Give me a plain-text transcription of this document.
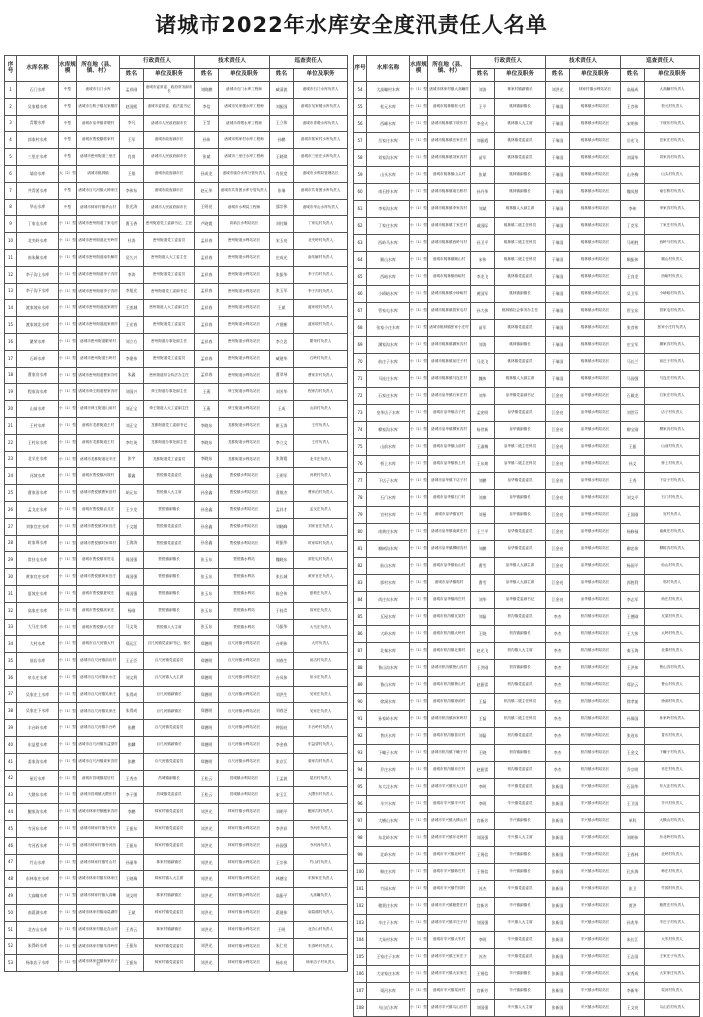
诸城市2022年水库安全度汛责任人名单
序号	水库名称	水库规模	所在地（县、镇、村）	行政责任人		技术责任人		巡查责任人	
				姓名	单位及职务	姓名	单位及职务	姓名	单位及职务
1	石门水库	中型	诸城市石门水库	孟祥刚	诸城市委常委、政府常务副市长	刘晓鹏	诸城市石门水库工程师	臧清波	诸城市石门水库负责人
2	吴家楼水库	中型	诸城市石桥子镇吴家楼村	赵国熙	诸城市委常委、政法委书记	李信	诸城市吴家楼水库工程师	刘振国	诸城市吴家楼水库负责人
3	青墩水库	中型	诸城市皇华镇青墩村	李凡	诸城市人民政府副市长	王莹	诸城市青墩水库工程师	王立伟	诸城市青墩水库负责人
4	郭家村水库	中型	诸城市贾悦镇郭家村	王军	诸城市政府副市长	孙伟	诸城市郭家村水库工程师	孙鹏	诸城市郭家村水库负责人
5	三里庄水库	中型	诸城市密州街道三里庄	肖岗	诸城市人民政府副市长	张斌	诸城市三里庄水库工程师	王晓琪	诸城市三里庄水库负责人
6	墙夼水库	大（2）型	诸城市桃林镇	王翔	诸城市政府副市长	孙成龙	诸城市墙夼水库分管负责人	肖恒宽	诸城市水利局管理站长
7	共青团水库	中型	诸城市百尺河镇大韩家庄	李伟东	诸城市政府副市长	赵元华	诸城市共青团水库分管负责人	张瑞	诸城市共青团水库负责人
8	华山水库	中型	诸城市林家村镇华山村	张光涛	诸城市人民政府副市长	王明亮	诸城市水利局工程师	邵宗伟	诸城市华山水库负责人
9	丁家屯水库	小（1）型	诸城市密州街道丁家屯村	曹玉香	密州街道党工委副书记、主任	卢晓霞	高新区水利站站长	刘付顺	丁家屯村负责人
10	北夹岭水库	小（1）型	诸城市密州街道北夹岭村	杜涛	密州街道党工委委员	孟祥春	密州街道水利站站长	宋玉亮	北夹岭村负责人
11	南朱解水库	小（1）型	诸城市密州街道南朱解村	吴久兴	密州街道人大工委主任	孟祥春	密州街道水利站站长	庄成光	南朱解村负责人
12	李子沟上水库	小（1）型	诸城市密州街道李子沟村	李涛	密州街道党工委委员	孟祥春	密州街道水利站站长	张振华	李子沟村负责人
13	李子沟下水库	小（1）型	诸城市密州街道李子沟村	李旭光	密州街道党工委副书记	孟祥春	密州街道水利站站长	张玉军	李子沟村负责人
14	渡家坡东水库	小（1）型	诸城市密州街道渡家坡村	王凯城	密州街道人大工委副主任	孟祥春	密州街道水利站站长	王斌	渡家坡村负责人
15	渡家坡北水库	小（1）型	诸城市密州街道渡家坡村	王宏春	密州街道党工委委员	孟祥春	密州街道水利站站长	卢建彬	渡家坡村负责人
16	繁荣水库	小（1）型	诸城市密州街道繁荣村	刘立方	密州街道办事处副主任	孟祥春	密州街道水利站站长	李立忠	繁荣村负责人
17	石岭水库	小（1）型	诸城市密州街道石岭村	李建伟	密州街道党工委委员	孟祥春	密州街道水利站站长	臧建华	石岭村负责人
18	曹家夼水库	小（1）型	诸城市密州街道曹家夼村	朱鑫	密州街道综合执法办主任	孟祥春	密州街道水利站站长	曹翠琴	曹家夼村负责人
19	程家沟水库	小（1）型	诸城市舜王街道程家沟村	刘国兴	舜王街道办事处副主任	王燕	舜王街道水利站站长	刘芳华	程家沟村负责人
20	山前水库	小（1）型	诸城市舜王街道山前村	刘正宝	舜王街道人大工委副主任	王燕	舜王街道水利站站长	王成	山前村负责人
21	王村水库	小（1）型	诸城市龙都街道王村	刘正宝	龙都街道党工委副书记	李晓东	龙都街道水利站站长	崔玉涛	王村负责人
22	王村东水库	小（1）型	诸城市龙都街道王村	李红英	龙都街道办事处副主任	李晓东	龙都街道水利站站长	李立文	王村负责人
23	北辛庄水库	小（1）型	诸城市龙都街道北辛庄	张宇	龙都街道党工委委员	李晓东	龙都街道水利站站长	张海霞	北辛庄负责人
24	河坡水库	小（1）型	诸城市贾悦镇河坡村	董鑫	贾悦镇党委委员	孙金鑫	贾悦镇水利站站长	王明军	河坡村负责人
25	曹家泊水库	小（1）型	诸城市贾悦镇曹家泊村	胡元东	贾悦镇人大主席	孙金鑫	贾悦镇水利站站长	曹维杰	曹家泊村负责人
26	孟戈庄水库	小（1）型	诸城市贾悦镇孟戈庄	王少龙	贾悦镇副镇长	孙金鑫	贾悦镇水利站站长	孟祥才	孟戈庄负责人
27	刘家官庄水库	小（1）型	诸城市贾悦镇刘家官庄	于文超	贾悦镇党委委员	孙金鑫	贾悦镇水利站站长	刘晓峰	刘家官庄负责人
28	时家埠水库	小（1）型	诸城市贾悦镇时家埠村	王海涛	贾悦镇党委委员	孙金鑫	贾悦镇水利站站长	时振华	时家埠村负责人
29	常驻屯水库	小（1）型	诸城市贾悦镇常驻屯	周国强	贾悦镇副镇长	张玉东	贾悦镇水利站	魏晓东	常驻屯村负责人
30	黄家官庄水库	小（1）型	诸城市贾悦镇黄家官庄	周国强	贾悦镇副镇长	张玉东	贾悦镇水利站	张长城	黄家官庄负责人
31	夏坡庄水库	小（1）型	诸城市贾悦镇夏坡庄	周国强	贾悦镇副镇长	张玉东	贾悦镇水利站	陈会伟	夏坡庄负责人
32	高家庄水库	小（1）型	诸城市贾悦镇高家庄	杨刚	贾悦镇副镇长	张玉东	贾悦镇水利站	于桂青	高家庄负责人
33	大马庄水库	小（1）型	诸城市贾悦镇大马庄	马文英	贾悦镇人大主席	张玉东	贾悦镇水利站	马振华	大马庄负责人
34	大村水库	小（1）型	诸城市百尺河镇大村	郑运江	百尺河镇党委副书记、镇长	郑德明	百尺河镇水利站站长	台明伟	大村负责人
35	前店水库	小（1）型	诸城市百尺河镇前店村	王正臣	百尺河镇党委委员	郑德明	百尺河镇水利站站长	刘春生	前店村负责人
36	泉水庄水库	小（1）型	诸城市百尺河镇泉水庄	刘文利	百尺河镇人大主席	郑德明	百尺河镇水利站站长	台凤伟	泉水庄负责人
37	吴家庄上水库	小（1）型	诸城市百尺河镇吴家庄	朱得成	百尺河镇副镇长	郑德明	百尺河镇水利站站长	刘洪生	吴家庄负责人
38	吴家庄下水库	小（1）型	诸城市百尺河镇吴家庄	朱得成	百尺河镇副镇长	郑德明	百尺河镇水利站站长	刘春芝	吴家庄负责人
39	丰台岭水库	小（1）型	诸城市百尺河镇丰台岭	张鹏	百尺河镇党委委员	郑德明	百尺河镇水利站站长	钟国亮	丰台岭村负责人
40	东益望水库	小（1）型	诸城市百尺河镇东益望村	张麟	百尺河镇副镇长	郑德明	百尺河镇水利站站长	李金春	东益望村负责人
41	姜家沟水库	小（1）型	诸城市百尺河镇姜家沟村	张鹏	百尺河镇党委委员	郑德明	百尺河镇水利站站长	张京江	姜家沟村负责人
42	屋后水库	小（1）型	诸城市昌城镇屋后村	王秀杰	昌城镇副镇长	王松云	昌城镇水利站站长	王孟波	屋后村负责人
43	大隈东水库	小（1）型	诸城市昌城镇大隈东村	李子强	昌城镇党委委员	王松云	昌城镇水利站站长	宋玉江	大隈东村负责人
44	鲍家沟水库	小（1）型	诸城市林家村镇鲍家沟村	李鹏	林家村镇党委委员	刘洪光	林家村镇水利站站长	刘明平	鲍家沟村负责人
45	寺河东水库	小（1）型	诸城市林家村镇寺河东	王振东	林家村镇党委委员	刘洪光	林家村镇水利站站长	李洪祥	寺河东负责人
46	寺河西水库	小（1）型	诸城市林家村镇寺河西	王振东	林家村镇党委委员	刘洪光	林家村镇水利站站长	孙国强	寺河西负责人
47	竹山水库	小（1）型	诸城市林家村镇竹山村	孙丽华	林家村镇副镇长	刘洪光	林家村镇水利站站长	王宗伟	竹山村负责人
48	东林家庄水库	小（1）型	诸城市林家村镇东林家庄	王晓瑞	林家村镇人大主席	刘洪光	林家村镇水利站站长	林德宝	东林家庄负责人
49	大高疃水库	小（1）型	诸城市林家村镇大高疃	刘文明	林家村镇副镇长	刘洪光	林家村镇水利站站长	高振平	大高疃负责人
50	南葛湖水库	小（1）型	诸城市林家村镇南葛湖村	王斌	林家村镇党委委员	刘洪光	林家村镇水利站站长	葛建伟	南葛湖村负责人
51	北杏山水库	小（1）型	诸城市林家村镇北杏山村	王秀云	林家村镇副镇长	刘洪光	林家村镇水利站站长	王明	北杏山村负责人
52	朱得岭水库	小（1）型	诸城市林家村镇朱得岭村	王振东	林家村镇党委委员	刘洪光	林家村镇水利站站长	朱仁亮	朱得岭村负责人
53	杨家店子水库	小（1）型	诸城市林家村镇杨家店子村	王振东	林家村镇党委委员	刘洪光	林家村镇水利站站长	杨东亮	杨家店子村负责人
序号	水库名称	水库规模	所在地（县、镇、村）	行政责任人		技术责任人		巡查责任人	
				姓名	单位及职务	姓名	单位及职务	姓名	单位及职务
54	大高疃村水库	小（1）型	诸城市林家村镇大高疃村	刘涛	林家村镇副镇长	刘洪光	林家村镇水利站站长	高福成	大高疃村负责人
55	松元水库	小（1）型	诸城市桃林镇松元村	王平	桃林镇副镇长	于瑞国	桃林镇水利站站长	王彦伟	松元村负责人
56	西峰水库	小（1）型	诸城市桃林镇下坡东村	李金火	桃林镇人大主席	于瑞国	桃林镇水利站站长	宋明伟	下坡东村负责人
57	岳家庄水库	小（1）型	诸城市桃林镇岳家庄村	刘振霞	桃林镇党委委员	于瑞国	桃林镇水利站站长	岳宏飞	岳家庄村负责人
58	刘家沟水库	小（1）型	诸城市桃林镇刘家沟村	苗军	桃林镇党委委员	于瑞国	桃林镇水利站站长	刘清华	刘家沟村负责人
59	山头水库	小（1）型	诸城市桃林镇山头村	张斌	桃林镇副镇长	于瑞国	桃林镇水利站站长	山冬梅	山头村负责人
60	南石桥水库	小（1）型	诸城市桃林镇南石桥村	孙丹华	桃林镇副镇长	于瑞国	桃林镇水利站站长	魏凤照	南石桥村负责人
61	李家沟水库	小（1）型	诸城市桃林镇李家沟村	刘斌	桃林镇人大副主席	于瑞国	桃林镇水利站站长	李伟	李家沟村负责人
62	丁家庄水库	小（1）型	诸城市桃林镇丁家庄村	戚国际	桃林镇二级主任科员	于瑞国	桃林镇水利站站长	丁克军	丁家庄村负责人
63	西岭马水库	小（1）型	诸城市桃林镇西岭马村	孙卫平	桃林镇二级主任科员	于瑞国	桃林镇水利站站长	马明胜	西岭马村负责人
64	顺山水库	小（1）型	诸城市桃林镇顺山村	宋伟	桃林镇二级主任科员	于瑞国	桃林镇水利站站长	顺振伟	顺山村负责人
65	西峪水库	小（1）型	诸城市桃林镇西峪村	李龙飞	桃林镇党委委员	于瑞国	桃林镇水利站站长	王良龙	西峪村负责人
66	小峤峪水库	小（1）型	诸城市桃林镇小峤峪村	黄国军	桃林镇副镇长	于瑞国	桃林镇水利站站长	吴卫军	小峤峪村负责人
67	管家屯水库	小（1）型	诸城市桃林镇管家屯村	孙大伟	桃林镇社会事务办主任	于瑞国	桃林镇水利站站长	管宝东	管家屯村负责人
68	张家小庄水库	小（1）型	诸城市桃林镇张家小庄村	苗军	桃林镇党委委员	于瑞国	桃林镇水利站站长	张彦伟	张家小庄村负责人
69	渊家沟水库	小（1）型	诸城市桃林镇渊家沟村	刘涛	桃林镇副镇长	于瑞国	桃林镇水利站站长	庄宝军	渊家沟村负责人
70	前庄子水库	小（1）型	诸城市桃林镇前庄子村	马龙飞	桃林镇党委委员	于瑞国	桃林镇水利站站长	马长兰	前庄子村负责人
71	马连庄水库	小（1）型	诸城市桃林镇马连庄村	魏伟	桃林镇人大副主席	于瑞国	桃林镇水利站站长	马国强	马连庄村负责人
72	石家庄水库	小（1）型	诸城市皇华镇石家庄村	刘华	皇华镇党委副书记	江金亮	皇华镇水利站站长	石殿龙	石家庄村负责人
73	皇华店子水库	小（1）型	诸城市皇华镇店子村	孟宪明	皇华镇党委委员	江金亮	皇华镇水利站站长	刘世芬	店子村负责人
74	柳家沟水库	小（1）型	诸城市皇华镇柳家沟村	杨世新	皇华镇副镇长	江金亮	皇华镇水利站站长	柳宝刚	柳家沟村负责人
75	山前水库	小（1）型	诸城市皇华镇山前村	王淑梅	皇华镇二级主任科员	江金亮	皇华镇水利站站长	王振	山前村负责人
76	桥上水库	小（1）型	诸城市皇华镇桥上村	王东焕	皇华镇二级主任科员	江金亮	皇华镇水利站站长	孙文	桥上村负责人
77	下店子水库	小（1）型	诸城市皇华镇下店子村	刘鹏	皇华镇党委委员	江金亮	皇华镇水利站站长	王秀	下店子村负责人
78	石门水库	小（1）型	诸城市皇华镇石门村	刘康	皇华镇副镇长	江金亮	皇华镇水利站站长	刘文平	石门村负责人
79	官村水库	小（1）型	诸城市皇华镇官村	刘曼	皇华镇副镇长	江金亮	皇华镇水利站站长	王国刚	官村负责人
80	南黄庄水库	小（1）型	诸城市皇华镇南黄庄村	王兰平	皇华镇党委委员	江金亮	皇华镇水利站站长	杨修禄	南黄庄村负责人
81	柳树沟水库	小（1）型	诸城市皇华镇柳树沟村	刘鹏	皇华镇党委委员	江金亮	皇华镇水利站站长	柳忠伟	柳树沟村负责人
82	仙山水库	小（1）型	诸城市皇华镇仙山村	曹雪	皇华镇人大副主席	江金亮	皇华镇水利站站长	杨国平	仙山村负责人
83	郭村水库	小（1）型	诸城市皇华镇郭村	曹雪	皇华镇人大副主席	江金亮	皇华镇水利站站长	郭胜利	郭村负责人
84	尚庄东水库	小（1）型	诸城市皇华镇尚庄村	刘华	皇华镇党委副书记	江金亮	皇华镇水利站站长	李志军	尚庄村负责人
85	瓦屋水库	小（1）型	诸城市枳沟镇瓦屋村	刘磊	枳沟镇党委委员	李杰	枳沟镇水利站站长	王德刚	瓦屋村负责人
86	大岭水库	小（1）型	诸城市枳沟镇大岭村	王晓	枳沟镇副镇长	李杰	枳沟镇水利站站长	王大伟	大岭村负责人
87	北秦水库	小（1）型	诸城市枳沟镇北秦村	赵光飞	枳沟镇人大主席	李杰	枳沟镇水利站站长	秦玉海	北秦村负责人
88	鲁山沟水库	小（1）型	诸城市枳沟镇鲁山沟村	王洪刚	枳沟镇副镇长	李杰	枳沟镇水利站站长	王洪伟	鲁山沟村负责人
89	鲁山水库	小（1）型	诸城市枳沟镇鲁山村	赵振雷	枳沟镇党委委员	李杰	枳沟镇水利站站长	郑法云	鲁山村负责人
90	徐洞水库	小（1）型	诸城市枳沟镇徐洞村	王磊	枳沟镇二级主任科员	李杰	枳沟镇水利站站长	徐孝前	徐洞村负责人
91	孙家岭水库	小（1）型	诸城市枳沟镇孙家岭村	王磊	枳沟镇二级主任科员	李杰	枳沟镇水利站站长	孙保国	孙家岭村负责人
92	普庆水库	小（1）型	诸城市枳沟镇普庆村	刘磊	枳沟镇党委委员	李杰	枳沟镇水利站站长	张连东	普庆村负责人
93	下疃子水库	小（1）型	诸城市枳沟镇下疃子村	王晓	枳沟镇副镇长	李杰	枳沟镇水利站站长	王金文	下疃子村负责人
94	乔庄水库	小（1）型	诸城市枳沟镇乔庄村	赵振雷	枳沟镇党委委员	李杰	枳沟镇水利站站长	乔宗明	乔庄村负责人
95	东大洼水库	小（1）型	诸城市辛兴镇东大洼村	李明	辛兴镇党委委员	张新国	辛兴镇水利站站长	石国华	东大洼村负责人
96	辛兴水库	小（1）型	诸城市辛兴镇辛兴村	李明	辛兴镇党委委员	张新国	辛兴镇水利站站长	王卫国	辛兴村负责人
97	大横山水库	小（1）型	诸城市辛兴镇大横山村	宫新芳	辛兴镇副镇长	张新国	辛兴镇水利站站长	单科	大横山村负责人
98	东北岭水库	小（1）型	诸城市辛兴镇东北岭村	刘国强	辛兴镇人大主席	张新国	辛兴镇水利站站长	刘明伟	东北岭村负责人
99	北岭水库	小（1）型	诸城市辛兴镇北岭村	王锡信	辛兴镇副镇长	张新国	辛兴镇水利站站长	王春林	北岭村负责人
100	韩庄水库	小（1）型	诸城市辛兴镇韩庄村	王锡信	辛兴镇副镇长	张新国	辛兴镇水利站站长	孔庆海	韩庄村负责人
101	竹园水库	小（1）型	诸城市辛兴镇竹园村	苏杰	辛兴镇党委委员	张新国	辛兴镇水利站站长	张卫	竹园村负责人
102	粮贾庄水库	小（1）型	诸城市辛兴镇粮贾庄村	宫新芳	辛兴镇副镇长	张新国	辛兴镇水利站站长	贾洪	粮贾庄村负责人
103	辛庄子水库	小（1）型	诸城市辛兴镇辛庄子村	刘国强	辛兴镇人大主席	张新国	辛兴镇水利站站长	孙兆华	辛庄子村负责人
104	大朱村水库	小（1）型	诸城市辛兴镇大朱村	李明	辛兴镇党委委员	张新国	辛兴镇水利站站长	朱长江	大朱村负责人
105	王家庄子水库	小（1）型	诸城市辛兴镇王家庄子	苏杰	辛兴镇党委委员	张新国	辛兴镇水利站站长	王志国	王家庄子负责人
106	大宋家庄水库	小（1）型	诸城市辛兴镇大宋家庄	王锡信	辛兴镇副镇长	张新国	辛兴镇水利站站长	宋秀成	大宋家庄负责人
107	渠河水库	小（1）型	诸城市辛兴镇渠河村	宫新芳	辛兴镇副镇长	张新国	辛兴镇水利站站长	李新华	渠河村负责人
108	乌山后水库	小（1）型	诸城市辛兴镇乌山后村	刘国强	辛兴镇人大主席	张新国	辛兴镇水利站站长	王文亮	乌山后村负责人
